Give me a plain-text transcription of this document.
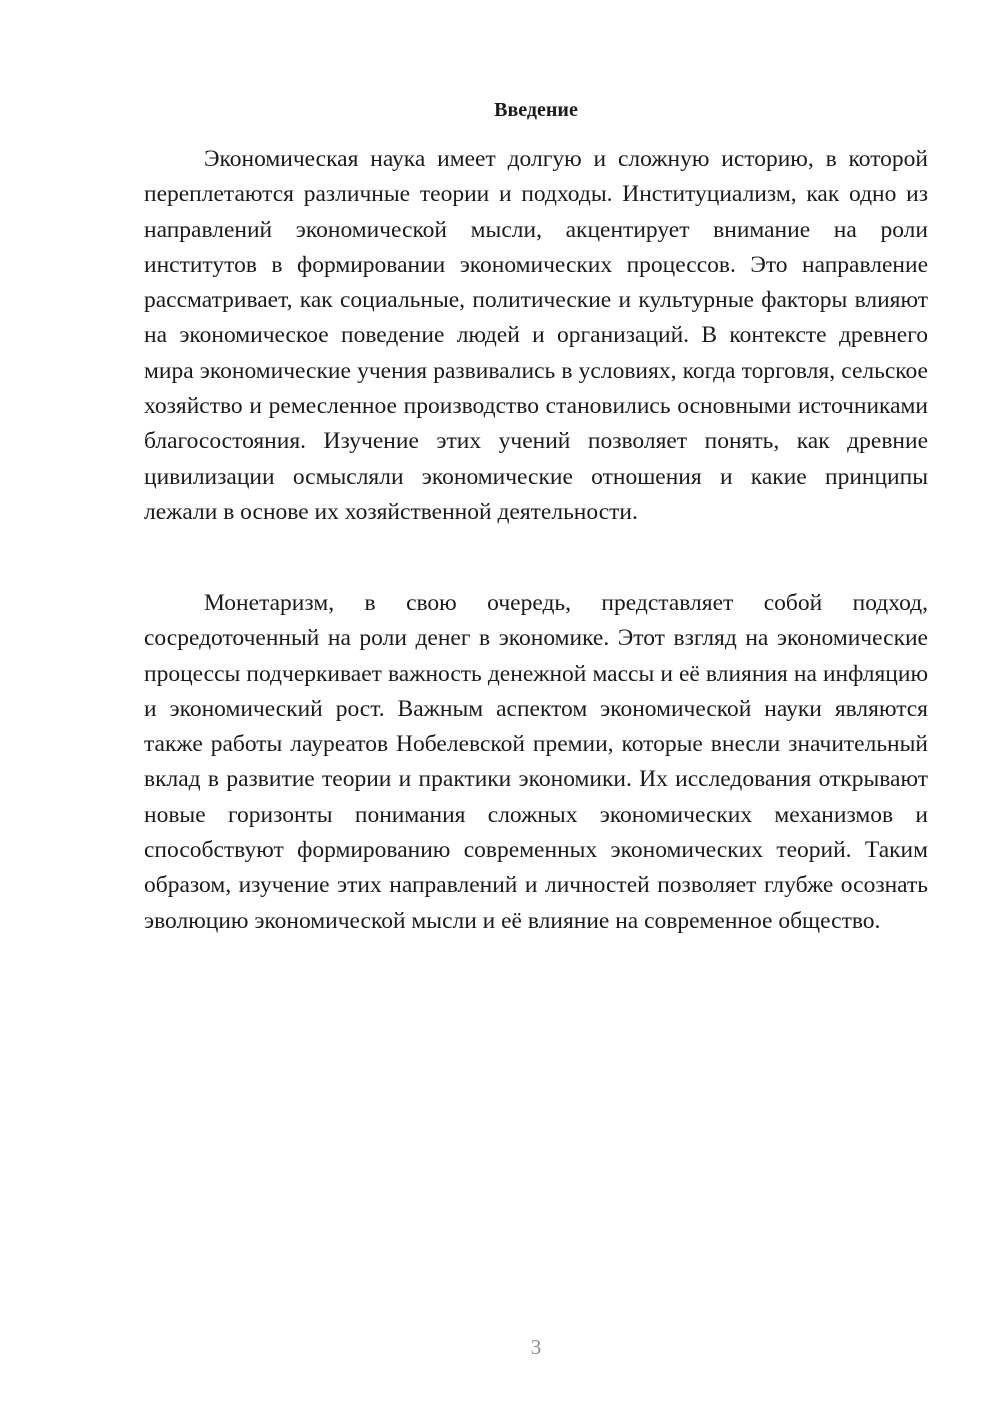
Введение

Экономическая наука имеет долгую и сложную историю, в которой переплетаются различные теории и подходы. Институциализм, как одно из направлений экономической мысли, акцентирует внимание на роли институтов в формировании экономических процессов. Это направление рассматривает, как социальные, политические и культурные факторы влияют на экономическое поведение людей и организаций. В контексте древнего мира экономические учения развивались в условиях, когда торговля, сельское хозяйство и ремесленное производство становились основными источниками благосостояния. Изучение этих учений позволяет понять, как древние цивилизации осмысляли экономические отношения и какие принципы лежали в основе их хозяйственной деятельности.

Монетаризм, в свою очередь, представляет собой подход, сосредоточенный на роли денег в экономике. Этот взгляд на экономические процессы подчеркивает важность денежной массы и её влияния на инфляцию и экономический рост. Важным аспектом экономической науки являются также работы лауреатов Нобелевской премии, которые внесли значительный вклад в развитие теории и практики экономики. Их исследования открывают новые горизонты понимания сложных экономических механизмов и способствуют формированию современных экономических теорий. Таким образом, изучение этих направлений и личностей позволяет глубже осознать эволюцию экономической мысли и её влияние на современное общество.

3
